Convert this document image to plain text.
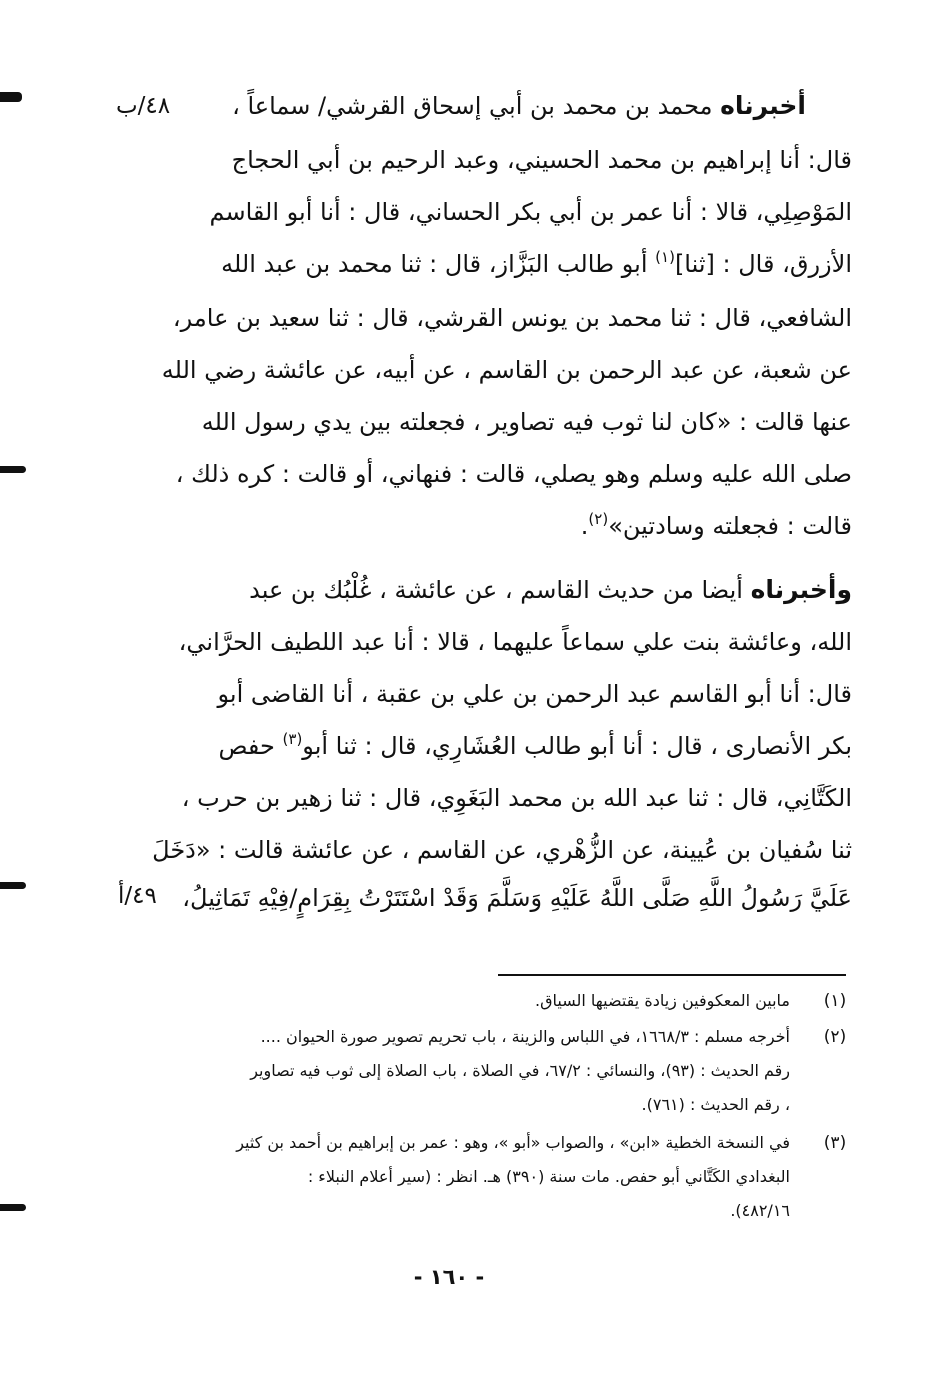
٤٨/ب
٤٩/أ
أخبرناه محمد بن محمد بن أبي إسحاق القرشي/ سماعاً ،
قال: أنا إبراهيم بن محمد الحسيني، وعبد الرحيم بن أبي الحجاج
المَوْصِلِي، قالا : أنا عمر بن أبي بكر الحساني، قال : أنا أبو القاسم
الأزرق، قال : [ثنا]$^{(١)}$ أبو طالب البَزَّاز، قال : ثنا محمد بن عبد الله
الشافعي، قال : ثنا محمد بن يونس القرشي، قال : ثنا سعيد بن عامر،
عن شعبة، عن عبد الرحمن بن القاسم ، عن أبيه، عن عائشة رضي الله
عنها قالت : «كان لنا ثوب فيه تصاوير ، فجعلته بين يدي رسول الله
صلى الله عليه وسلم وهو يصلي، قالت : فنهاني، أو قالت : كره ذلك ،
قالت : فجعلته وسادتين»$^{(٢)}$.
وأخبرناه أيضا من حديث القاسم ، عن عائشة ، غُلْبُك بن عبد
الله، وعائشة بنت علي سماعاً عليهما ، قالا : أنا عبد اللطيف الحرَّاني،
قال: أنا أبو القاسم عبد الرحمن بن علي بن عقبة ، أنا القاضى أبو
بكر الأنصارى ، قال : أنا أبو طالب العُشَارِي، قال : ثنا أبو$^{(٣)}$ حفص
الكَتَّانِي، قال : ثنا عبد الله بن محمد البَغَوِي، قال : ثنا زهير بن حرب ،
ثنا سُفيان بن عُيينة، عن الزُّهْري، عن القاسم ، عن عائشة قالت : «دَخَلَ
عَلَيَّ رَسُولُ اللَّهِ صَلَّى اللَّهُ عَلَيْهِ وَسَلَّمَ وَقَدْ اسْتَتَرْتُ بِقِرَامٍ/فِيْهِ تَمَاثِيلُ،
(١)
مابين المعكوفين زيادة يقتضيها السياق.
(٢)
أخرجه مسلم : ١٦٦٨/٣، في اللباس والزينة ، باب تحريم تصوير صورة الحيوان ....
رقم الحديث : (٩٣)، والنسائي : ٦٧/٢، في الصلاة ، باب الصلاة إلى ثوب فيه تصاوير
، رقم الحديث : (٧٦١).
(٣)
في النسخة الخطية «ابن» ، والصواب «أبو »، وهو : عمر بن إبراهيم بن أحمد بن كثير
البغدادي الكَتَّاني أبو حفص. مات سنة (٣٩٠) هـ. انظر : (سير أعلام النبلاء :
٤٨٢/١٦).
- ١٦٠ -
